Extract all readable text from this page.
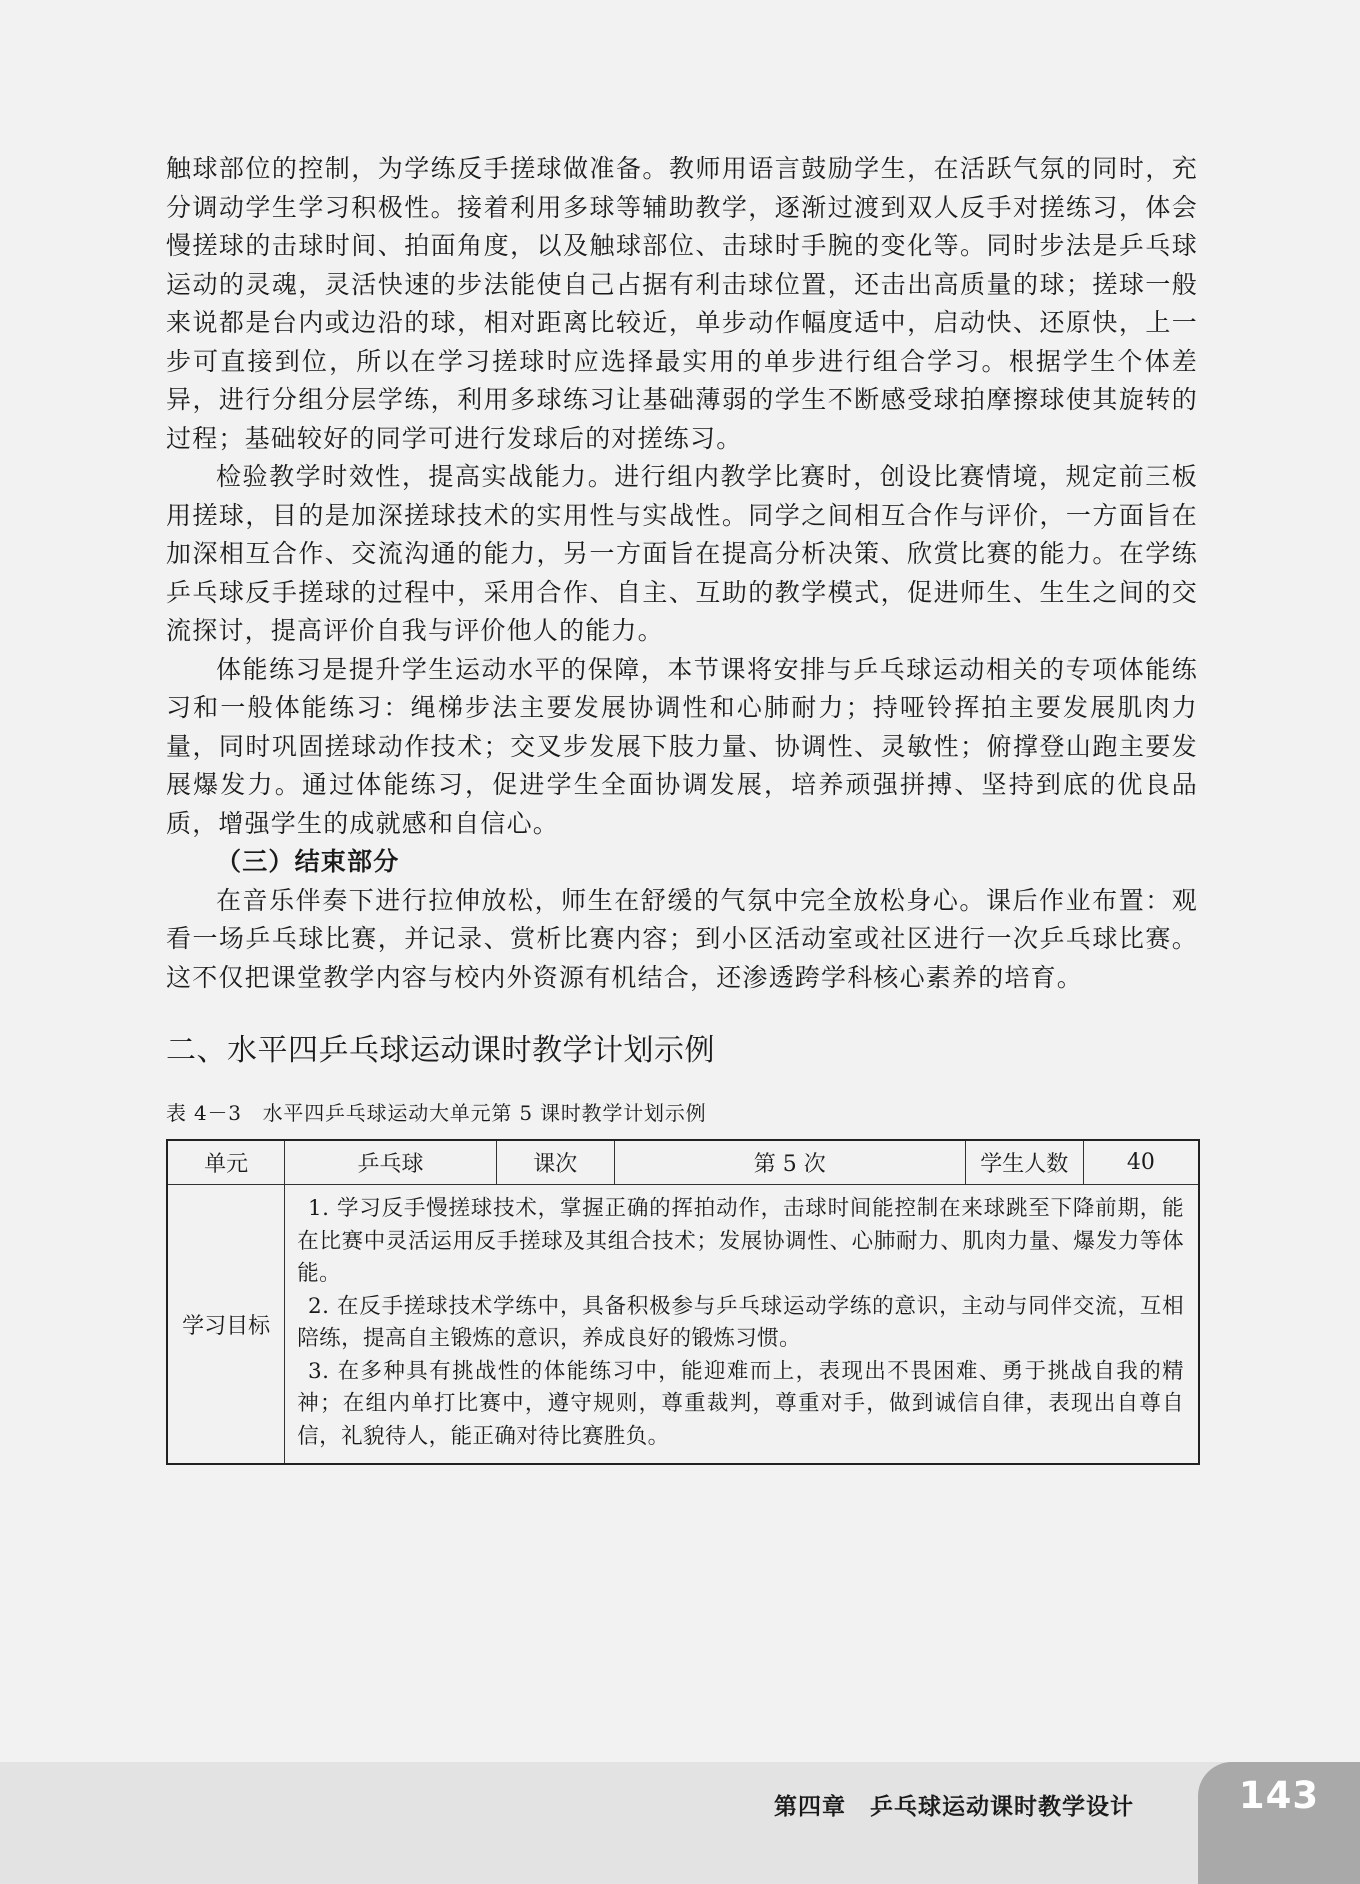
触球部位的控制，为学练反手搓球做准备。教师用语言鼓励学生，在活跃气氛的同时，充分调动学生学习积极性。接着利用多球等辅助教学，逐渐过渡到双人反手对搓练习，体会慢搓球的击球时间、拍面角度，以及触球部位、击球时手腕的变化等。同时步法是乒乓球运动的灵魂，灵活快速的步法能使自己占据有利击球位置，还击出高质量的球；搓球一般来说都是台内或边沿的球，相对距离比较近，单步动作幅度适中，启动快、还原快，上一步可直接到位，所以在学习搓球时应选择最实用的单步进行组合学习。根据学生个体差异，进行分组分层学练，利用多球练习让基础薄弱的学生不断感受球拍摩擦球使其旋转的过程；基础较好的同学可进行发球后的对搓练习。

检验教学时效性，提高实战能力。进行组内教学比赛时，创设比赛情境，规定前三板用搓球，目的是加深搓球技术的实用性与实战性。同学之间相互合作与评价，一方面旨在加深相互合作、交流沟通的能力，另一方面旨在提高分析决策、欣赏比赛的能力。在学练乒乓球反手搓球的过程中，采用合作、自主、互助的教学模式，促进师生、生生之间的交流探讨，提高评价自我与评价他人的能力。

体能练习是提升学生运动水平的保障，本节课将安排与乒乓球运动相关的专项体能练习和一般体能练习：绳梯步法主要发展协调性和心肺耐力；持哑铃挥拍主要发展肌肉力量，同时巩固搓球动作技术；交叉步发展下肢力量、协调性、灵敏性；俯撑登山跑主要发展爆发力。通过体能练习，促进学生全面协调发展，培养顽强拼搏、坚持到底的优良品质，增强学生的成就感和自信心。

（三）结束部分

在音乐伴奏下进行拉伸放松，师生在舒缓的气氛中完全放松身心。课后作业布置：观看一场乒乓球比赛，并记录、赏析比赛内容；到小区活动室或社区进行一次乒乓球比赛。这不仅把课堂教学内容与校内外资源有机结合，还渗透跨学科核心素养的培育。

二、水平四乒乓球运动课时教学计划示例
表 4－3　水平四乒乓球运动大单元第 5 课时教学计划示例
单元	乒乓球	课次	第 5 次	学生人数	40
学习目标	1. 学习反手慢搓球技术，掌握正确的挥拍动作，击球时间能控制在来球跳至下降前期，能在比赛中灵活运用反手搓球及其组合技术；发展协调性、心肺耐力、肌肉力量、爆发力等体能。

2. 在反手搓球技术学练中，具备积极参与乒乓球运动学练的意识，主动与同伴交流，互相陪练，提高自主锻炼的意识，养成良好的锻炼习惯。

3. 在多种具有挑战性的体能练习中，能迎难而上，表现出不畏困难、勇于挑战自我的精神；在组内单打比赛中，遵守规则，尊重裁判，尊重对手，做到诚信自律，表现出自尊自信，礼貌待人，能正确对待比赛胜负。				

第四章　乒乓球运动课时教学设计	143
